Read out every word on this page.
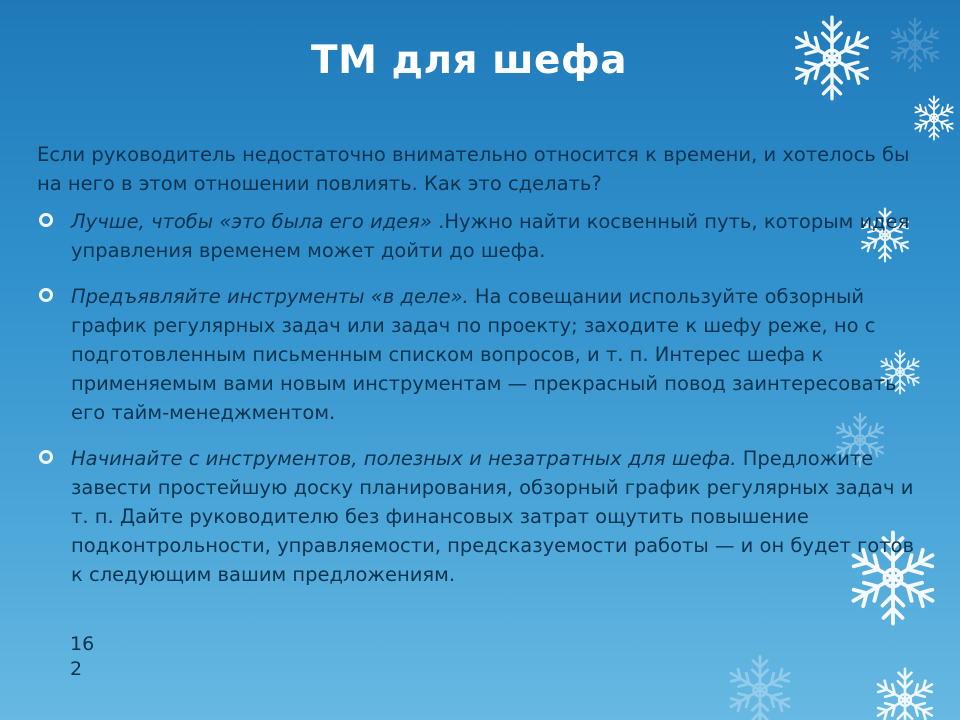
ТМ для шефа
Если руководитель недостаточно внимательно относится к времени, и хотелось бы на него в этом отношении повлиять. Как это сделать?
Лучше, чтобы «это была его идея» .Нужно найти косвенный путь, которым идея управления временем может дойти до шефа.
Предъявляйте инструменты «в деле». На совещании используйте обзорный график регулярных задач или задач по проекту; заходите к шефу реже, но с подготовленным письменным списком вопросов, и т. п. Интерес шефа к применяемым вами новым инструментам — прекрасный повод заинтересовать его тайм-менеджментом.
Начинайте с инструментов, полезных и незатратных для шефа. Предложите завести простейшую доску планирования, обзорный график регулярных задач и т. п. Дайте руководителю без финансовых затрат ощутить повышение подконтрольности, управляемости, предсказуемости работы — и он будет готов к следующим вашим предложениям.
16
2
